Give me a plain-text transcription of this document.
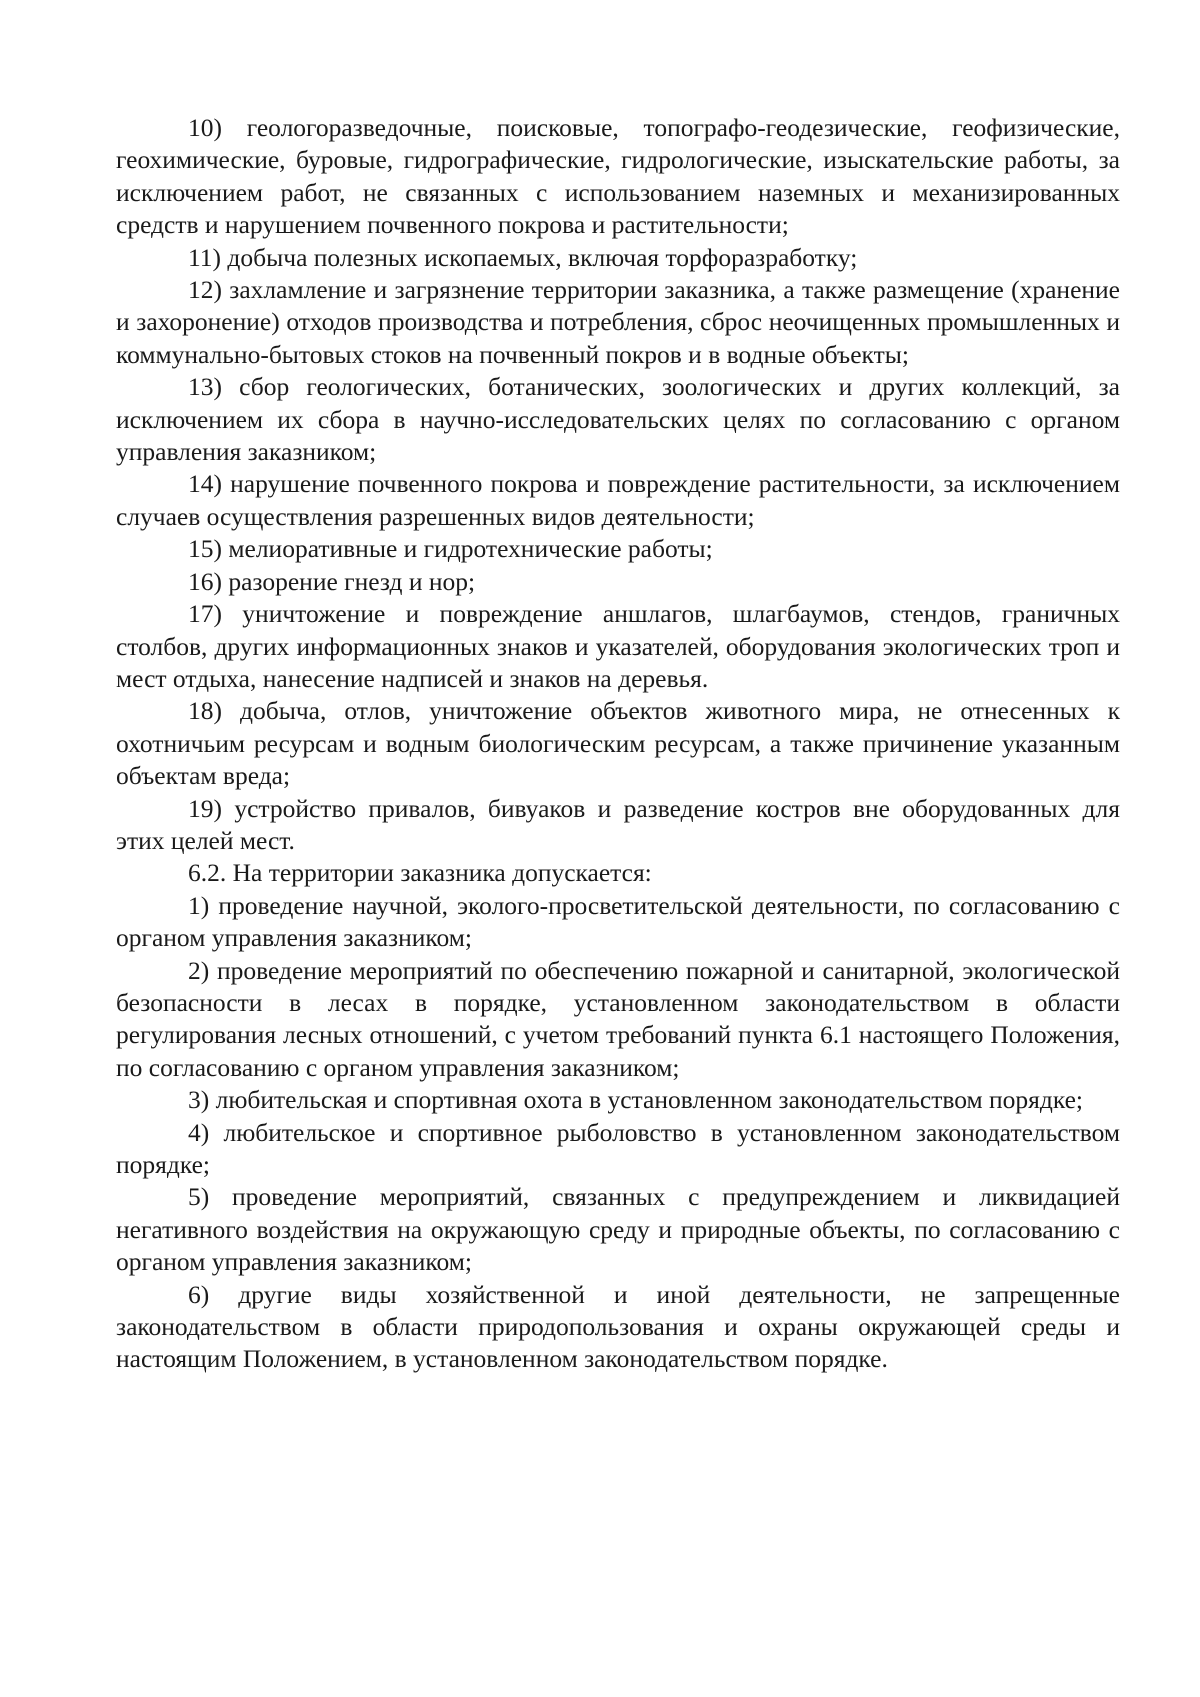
10) геологоразведочные, поисковые, топографо-геодезические, геофизические, геохимические, буровые, гидрографические, гидрологические, изыскательские работы, за исключением работ, не связанных с использованием наземных и механизированных средств и нарушением почвенного покрова и растительности;

11) добыча полезных ископаемых, включая торфоразработку;

12) захламление и загрязнение территории заказника, а также размещение (хранение и захоронение) отходов производства и потребления, сброс неочищенных промышленных и коммунально-бытовых стоков на почвенный покров и в водные объекты;

13) сбор геологических, ботанических, зоологических и других коллекций, за исключением их сбора в научно-исследовательских целях по согласованию с органом управления заказником;

14) нарушение почвенного покрова и повреждение растительности, за исключением случаев осуществления разрешенных видов деятельности;

15) мелиоративные и гидротехнические работы;

16) разорение гнезд и нор;

17) уничтожение и повреждение аншлагов, шлагбаумов, стендов, граничных столбов, других информационных знаков и указателей, оборудования экологических троп и мест отдыха, нанесение надписей и знаков на деревья.

18) добыча, отлов, уничтожение объектов животного мира, не отнесенных к охотничьим ресурсам и водным биологическим ресурсам, а также причинение указанным объектам вреда;

19) устройство привалов, бивуаков и разведение костров вне оборудованных для этих целей мест.

6.2. На территории заказника допускается:

1) проведение научной, эколого-просветительской деятельности, по согласованию с органом управления заказником;

2) проведение мероприятий по обеспечению пожарной и санитарной, экологической безопасности в лесах в порядке, установленном законодательством в области регулирования лесных отношений, с учетом требований пункта 6.1 настоящего Положения, по согласованию с органом управления заказником;

3) любительская и спортивная охота в установленном законодательством порядке;

4) любительское и спортивное рыболовство в установленном законодательством порядке;

5) проведение мероприятий, связанных с предупреждением и ликвидацией негативного воздействия на окружающую среду и природные объекты, по согласованию с органом управления заказником;

6) другие виды хозяйственной и иной деятельности, не запрещенные законодательством в области природопользования и охраны окружающей среды и настоящим Положением, в установленном законодательством порядке.
